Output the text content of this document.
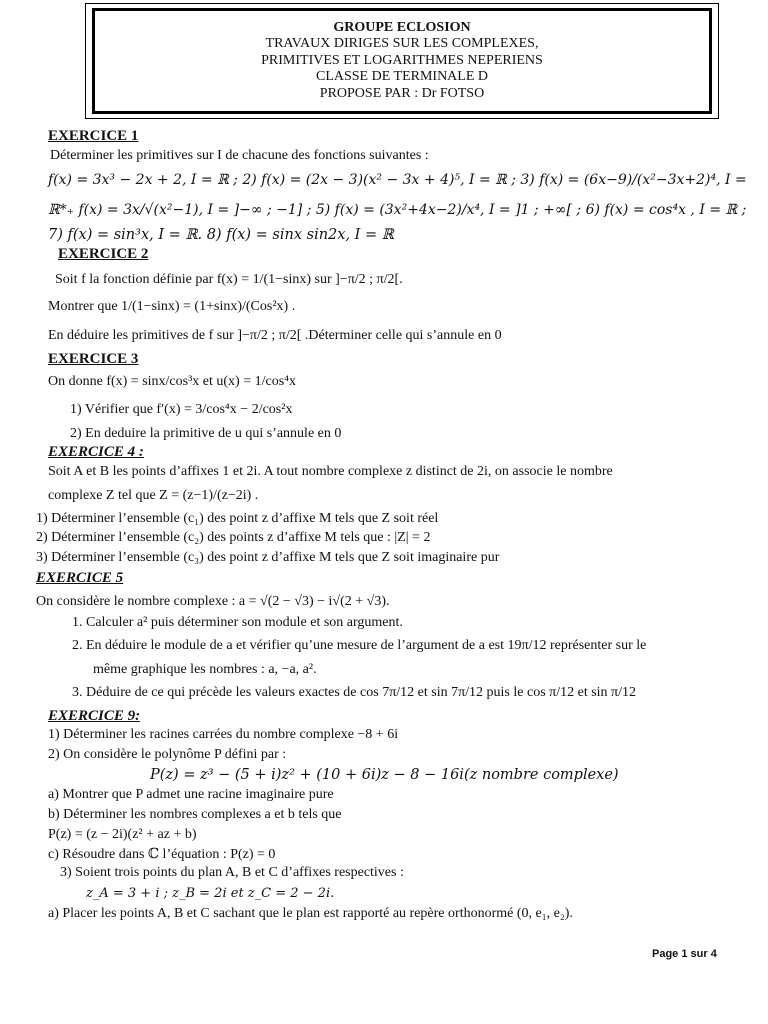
GROUPE ECLOSION
TRAVAUX DIRIGES SUR LES COMPLEXES,
PRIMITIVES ET LOGARITHMES NEPERIENS
CLASSE DE TERMINALE D
PROPOSE PAR : Dr FOTSO
EXERCICE 1
Déterminer les primitives sur I de chacune des fonctions suivantes :
f(x) = 3x³ − 2x + 2, I = ℝ ; 2) f(x) = (2x − 3)(x² − 3x + 4)⁵, I = ℝ ; 3) f(x) = (6x−9)/(x²−3x+2)⁴, I =
ℝ*₊ f(x) = 3x/√(x²−1), I = ]−∞ ; −1] ; 5) f(x) = (3x²+4x−2)/x⁴, I = ]1 ; +∞[ ; 6) f(x) = cos⁴x , I = ℝ ;
7) f(x) = sin³x, I = ℝ. 8) f(x) = sinx sin2x, I = ℝ
EXERCICE 2
Soit f la fonction définie par f(x) = 1/(1−sinx) sur ]−π/2 ; π/2[.
Montrer que 1/(1−sinx) = (1+sinx)/(Cos²x) .
En déduire les primitives de f sur ]−π/2 ; π/2[ .Déterminer celle qui s’annule en 0
EXERCICE 3
On donne f(x) = sinx/cos³x et u(x) = 1/cos⁴x
1) Vérifier que f′(x) = 3/cos⁴x − 2/cos²x
2) En deduire la primitive de u qui s’annule en 0
EXERCICE 4 :
Soit A et B les points d’affixes 1 et 2i. A tout nombre complexe z distinct de 2i, on associe le nombre
complexe Z tel que Z = (z−1)/(z−2i) .
1) Déterminer l’ensemble (c₁) des point z d’affixe M tels que Z soit réel
2) Déterminer l’ensemble (c₂) des points z d’affixe M tels que : |Z| = 2
3) Déterminer l’ensemble (c₃) des point z d’affixe M tels que Z soit imaginaire pur
EXERCICE 5
On considère le nombre complexe : a = √(2 − √3) − i√(2 + √3).
1. Calculer a² puis déterminer son module et son argument.
2. En déduire le module de a et vérifier qu’une mesure de l’argument de a est 19π/12 représenter sur le
même graphique les nombres : a, −a, a².
3. Déduire de ce qui précède les valeurs exactes de cos 7π/12 et sin 7π/12 puis le cos π/12 et sin π/12
EXERCICE 9:
1) Déterminer les racines carrées du nombre complexe −8 + 6i
2) On considère le polynôme P défini par :
P(z) = z³ − (5 + i)z² + (10 + 6i)z − 8 − 16i(z nombre complexe)
a) Montrer que P admet une racine imaginaire pure
b) Déterminer les nombres complexes a et b tels que
P(z) = (z − 2i)(z² + az + b)
c) Résoudre dans ℂ l’équation : P(z) = 0
3) Soient trois points du plan A, B et C d’affixes respectives :
z_A = 3 + i ; z_B = 2i et z_C = 2 − 2i.
a) Placer les points A, B et C sachant que le plan est rapporté au repère orthonormé (0, e₁, e₂).
Page 1 sur 4
